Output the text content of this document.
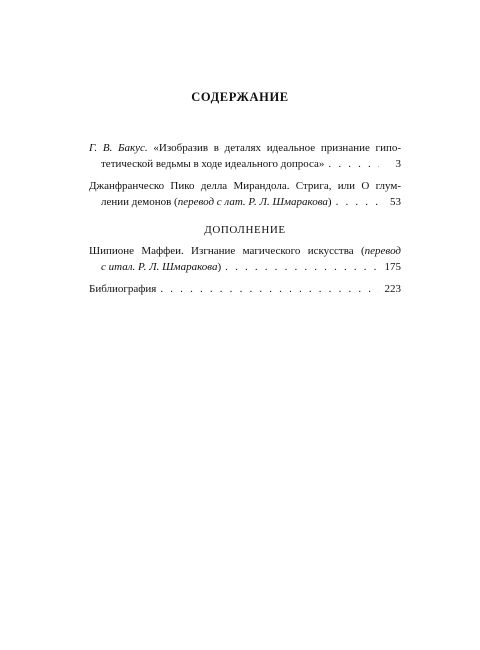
СОДЕРЖАНИЕ
Г. В. Бакус. «Изобразив в деталях идеальное признание гипо-
тетической ведьмы в ходе идеального допроса» . . .	3
Джанфранческо Пико делла Мирандола. Стрига, или О глум-
лении демонов (перевод с лат. Р. Л. Шмаракова) . . .	53
ДОПОЛНЕНИЕ
Шипионе Маффеи. Изгнание магического искусства (перевод
с итал. Р. Л. Шмаракова) . . .	175
Библиография . . .	223
